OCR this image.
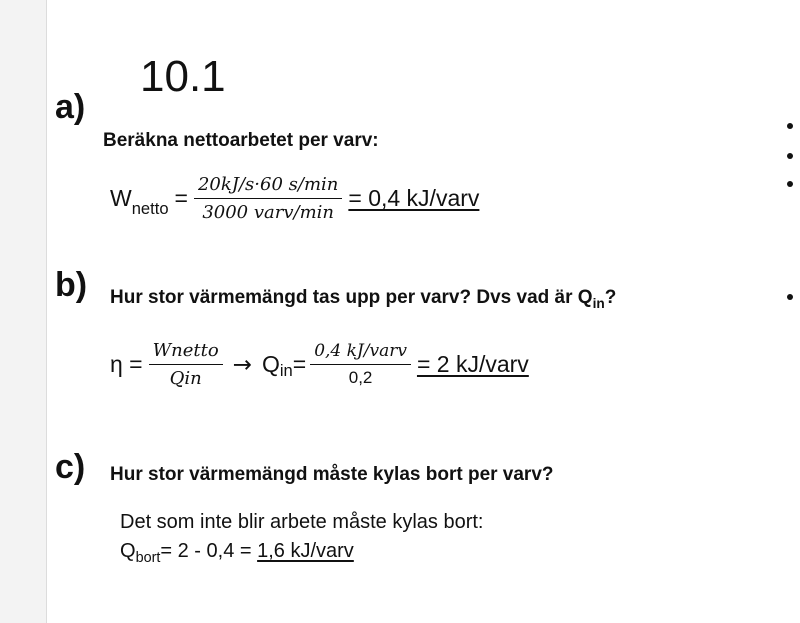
10.1
a)
Beräkna nettoarbetet per varv:
$W_{netto} = \frac{20kJ/s\cdot 60 s/\min}{\text{3000 varv/min}} = 0,4$ kJ/varv
b) Hur stor värmemängd tas upp per varv? Dvs vad är $Q_{in}$?
$\eta = \frac{\text{Wnetto}}{\text{Qin}} \to Q_{in} = \frac{\text{0,4 kJ/varv}}{0,2} = 2$ kJ/varv
c) Hur stor värmemängd måste kylas bort per varv?
Det som inte blir arbete måste kylas bort:
$Q_{bort}= 2 - 0,4 = 1,6$ kJ/varv
